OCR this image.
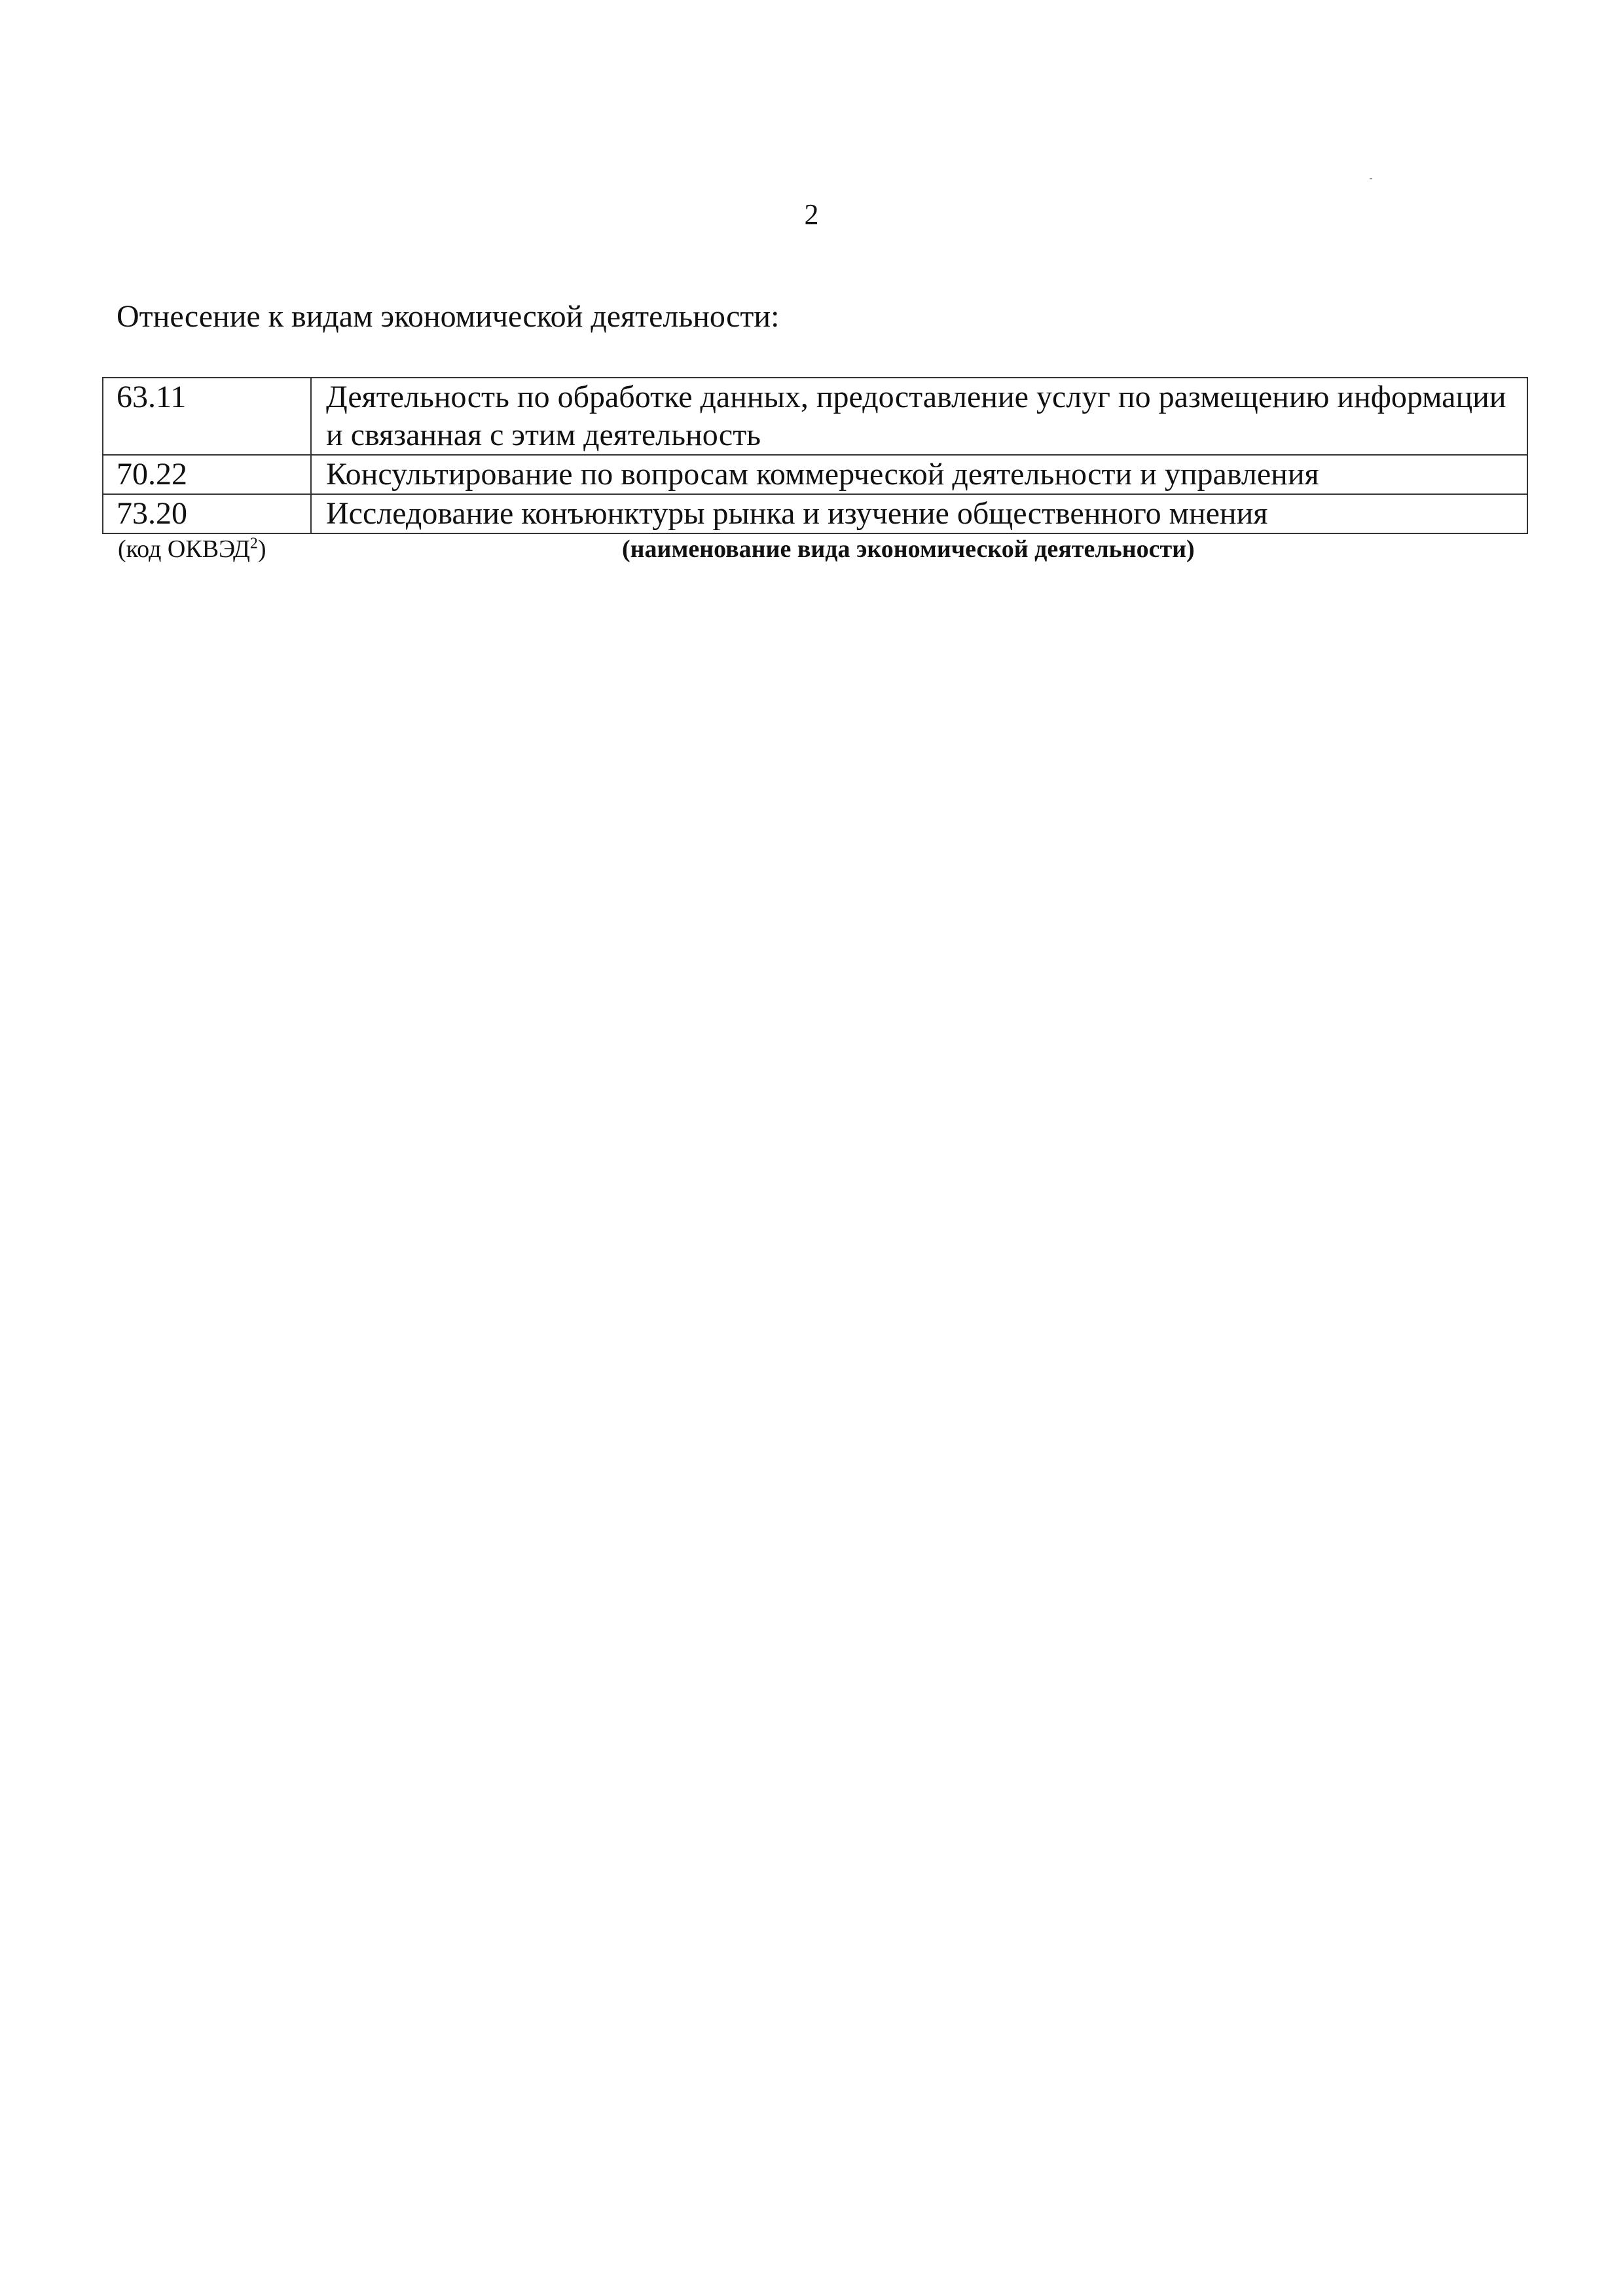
2
Отнесение к видам экономической деятельности:
63.11	Деятельность по обработке данных, предоставление услуг по размещению информации и связанная с этим деятельность
70.22	Консультирование по вопросам коммерческой деятельности и управления
73.20	Исследование конъюнктуры рынка и изучение общественного мнения
(код ОКВЭД$^2$)	(наименование вида экономической деятельности)
